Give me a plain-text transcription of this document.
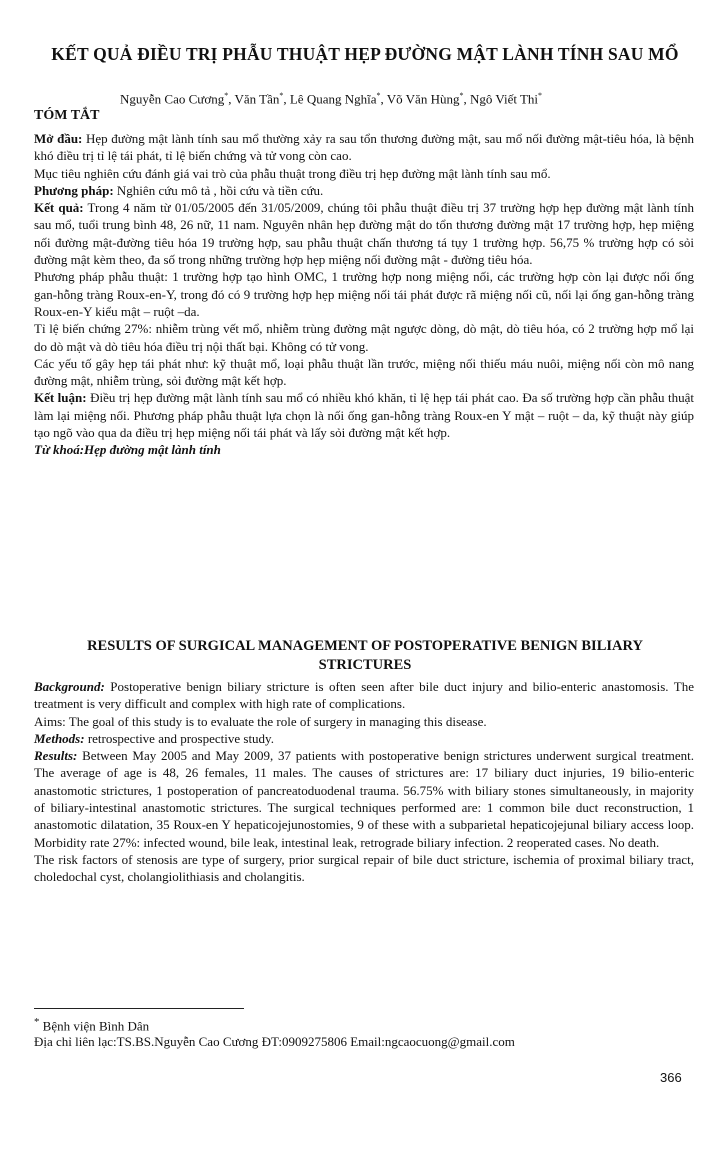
KẾT QUẢ ĐIỀU TRỊ PHẪU THUẬT HẸP ĐƯỜNG MẬT LÀNH TÍNH SAU MỔ
Nguyễn Cao Cương*, Văn Tần*, Lê Quang Nghĩa*, Võ Văn Hùng*, Ngô Viết Thi*
TÓM TẮT

Mở đầu: Hẹp đường mật lành tính sau mổ thường xảy ra sau tổn thương đường mật, sau mổ nối đường mật-tiêu hóa, là bệnh khó điều trị tỉ lệ tái phát, tỉ lệ biến chứng và tử vong còn cao.

Mục tiêu nghiên cứu đánh giá vai trò của phẫu thuật trong điều trị hẹp đường mật lành tính sau mổ.

Phương pháp: Nghiên cứu mô tả , hồi cứu và tiền cứu.

Kết quả: Trong 4 năm từ 01/05/2005 đến 31/05/2009, chúng tôi phẫu thuật điều trị 37 trường hợp hẹp đường mật lành tính sau mổ, tuổi trung bình 48, 26 nữ, 11 nam. Nguyên nhân hẹp đường mật do tổn thương đường mật 17 trường hợp, hẹp miệng nối đường mật-đường tiêu hóa 19 trường hợp, sau phẫu thuật chấn thương tá tụy 1 trường hợp. 56,75 % trường hợp có sỏi đường mật kèm theo, đa số trong những trường hợp hẹp miệng nối đường mật - đường tiêu hóa.

Phương pháp phẫu thuật: 1 trường hợp tạo hình OMC, 1 trường hợp nong miệng nối, các trường hợp còn lại được nối ống gan-hỗng tràng Roux-en-Y, trong đó có 9 trường hợp hẹp miệng nối tái phát được rã miệng nối cũ, nối lại ống gan-hỗng tràng Roux-en-Y kiểu mật – ruột –da.

Tỉ lệ biến chứng 27%: nhiễm trùng vết mổ, nhiễm trùng đường mật ngược dòng, dò mật, dò tiêu hóa, có 2 trường hợp mổ lại do dò mật và dò tiêu hóa điều trị nội thất bại. Không có tử vong.

Các yếu tố gây hẹp tái phát như: kỹ thuật mổ, loại phẫu thuật lần trước, miệng nối thiếu máu nuôi, miệng nối còn mô nang đường mật, nhiễm trùng, sỏi đường mật kết hợp.

Kết luận: Điều trị hẹp đường mật lành tính sau mổ có nhiều khó khăn, tỉ lệ hẹp tái phát cao. Đa số trường hợp cần phẫu thuật làm lại miệng nối. Phương pháp phẫu thuật lựa chọn là nối ống gan-hỗng tràng Roux-en Y mật – ruột – da, kỹ thuật này giúp tạo ngõ vào qua da điều trị hẹp miệng nối tái phát và lấy sỏi đường mật kết hợp.

Từ khoá:Hẹp đường mật lành tính

RESULTS OF SURGICAL MANAGEMENT OF POSTOPERATIVE BENIGN BILIARY STRICTURES

Background: Postoperative benign biliary stricture is often seen after bile duct injury and bilio-enteric anastomosis. The treatment is very difficult and complex with high rate of complications.

Aims: The goal of this study is to evaluate the role of surgery in managing this disease.

Methods: retrospective and prospective study.

Results: Between May 2005 and May 2009, 37 patients with postoperative benign strictures underwent surgical treatment. The average of age is 48, 26 females, 11 males. The causes of strictures are: 17 biliary duct injuries, 19 bilio-enteric anastomotic strictures, 1 postoperation of pancreatoduodenal trauma. 56.75% with biliary stones simultaneously, in majority of biliary-intestinal anastomotic strictures. The surgical techniques performed are: 1 common bile duct reconstruction, 1 anastomotic dilatation, 35 Roux-en Y hepaticojejunostomies, 9 of these with a subparietal hepaticojejunal biliary access loop. Morbidity rate 27%: infected wound, bile leak, intestinal leak, retrograde biliary infection. 2 reoperated cases. No death.

The risk factors of stenosis are type of surgery, prior surgical repair of bile duct stricture, ischemia of proximal biliary tract, choledochal cyst, cholangiolithiasis and cholangitis.

* Bệnh viện Bình Dân
Địa chỉ liên lạc:TS.BS.Nguyễn Cao Cương ĐT:0909275806 Email:ngcaocuong@gmail.com
366
